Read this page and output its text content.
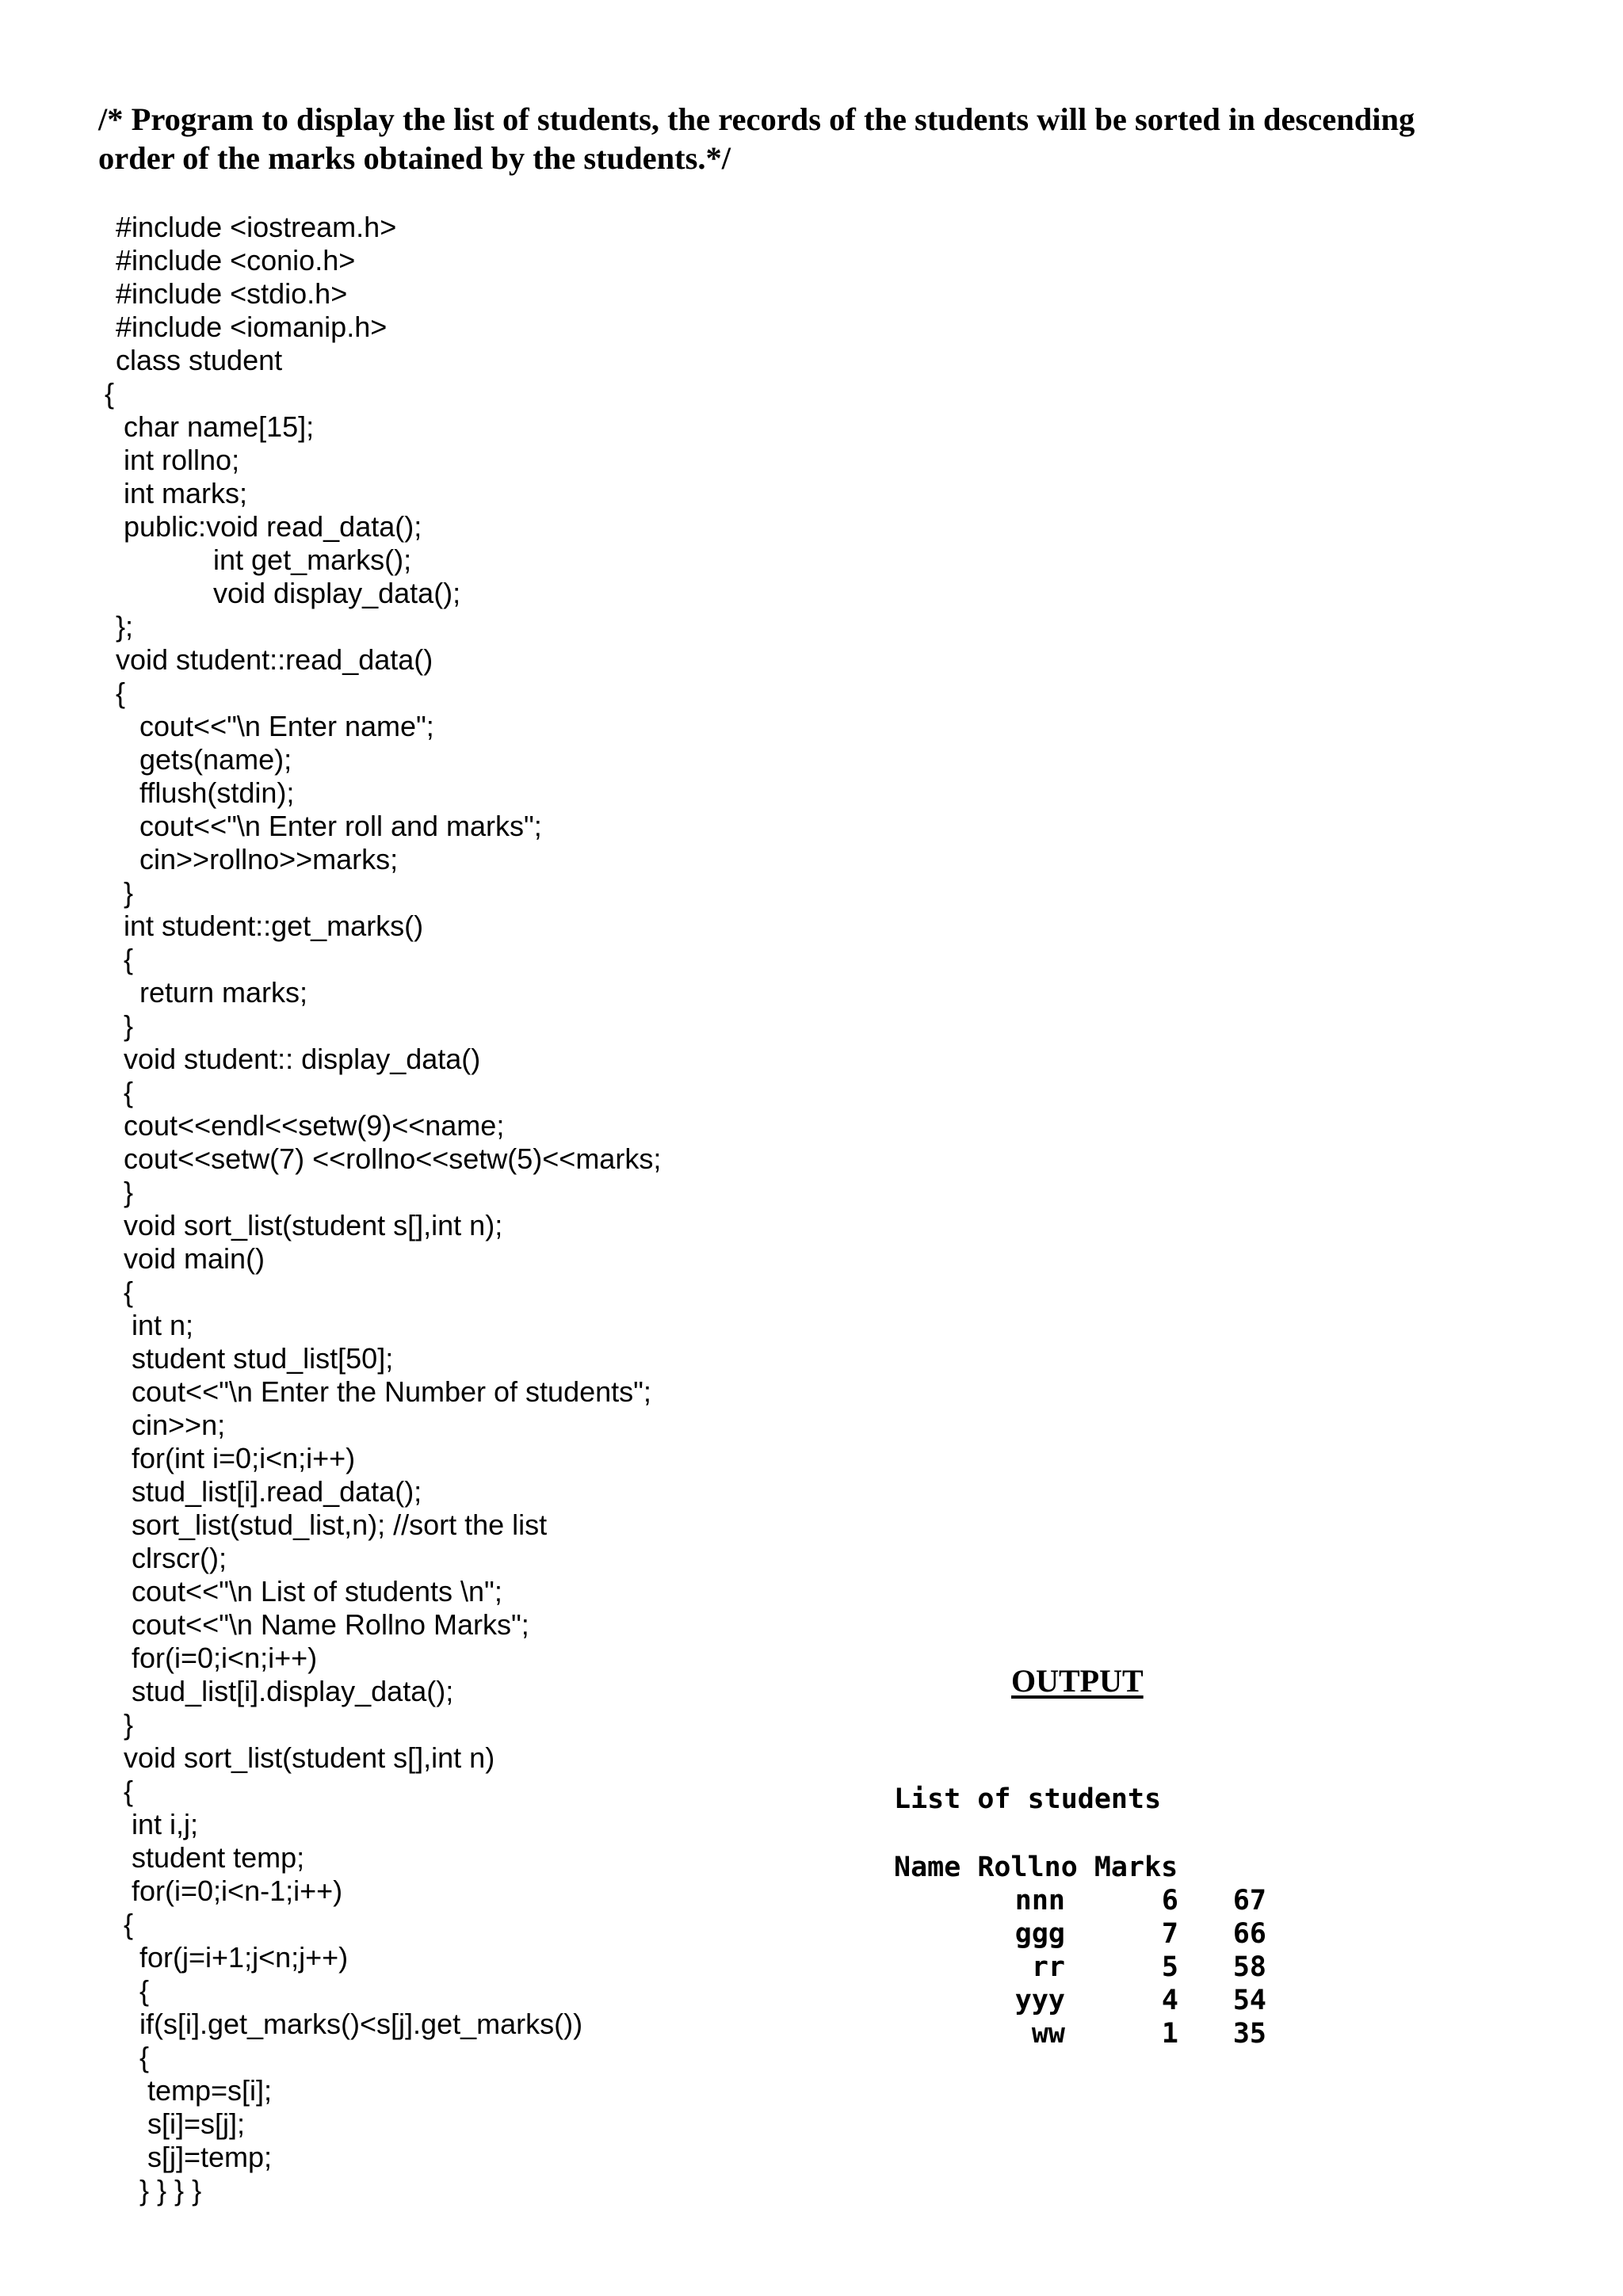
/* Program to display the list of students, the records of the students will be sorted in descending
order of the marks obtained by the students.*/
#include <iostream.h>
#include <conio.h>
#include <stdio.h>
#include <iomanip.h>
class student
{
char name[15];
int rollno;
int marks;
public:void read_data();
int get_marks();
void display_data();
};
void student::read_data()
{
cout<<"\n Enter name";
gets(name);
fflush(stdin);
cout<<"\n Enter roll and marks";
cin>>rollno>>marks;
}
int student::get_marks()
{
return marks;
}
void student:: display_data()
{
cout<<endl<<setw(9)<<name;
cout<<setw(7) <<rollno<<setw(5)<<marks;
}
void sort_list(student s[],int n);
void main()
{
int n;
student stud_list[50];
cout<<"\n Enter the Number of students";
cin>>n;
for(int i=0;i<n;i++)
stud_list[i].read_data();
sort_list(stud_list,n); //sort the list
clrscr();
cout<<"\n List of students \n";
cout<<"\n Name Rollno Marks";
for(i=0;i<n;i++)
stud_list[i].display_data();
}
void sort_list(student s[],int n)
{
int i,j;
student temp;
for(i=0;i<n-1;i++)
{
for(j=i+1;j<n;j++)
{
if(s[i].get_marks()<s[j].get_marks())
{
temp=s[i];
s[i]=s[j];
s[j]=temp;
} } } }
OUTPUT
List of students
Name Rollno Marks
nnn	6 67
ggg	7 66
rr	5 58
yyy	4 54
ww	1 35
